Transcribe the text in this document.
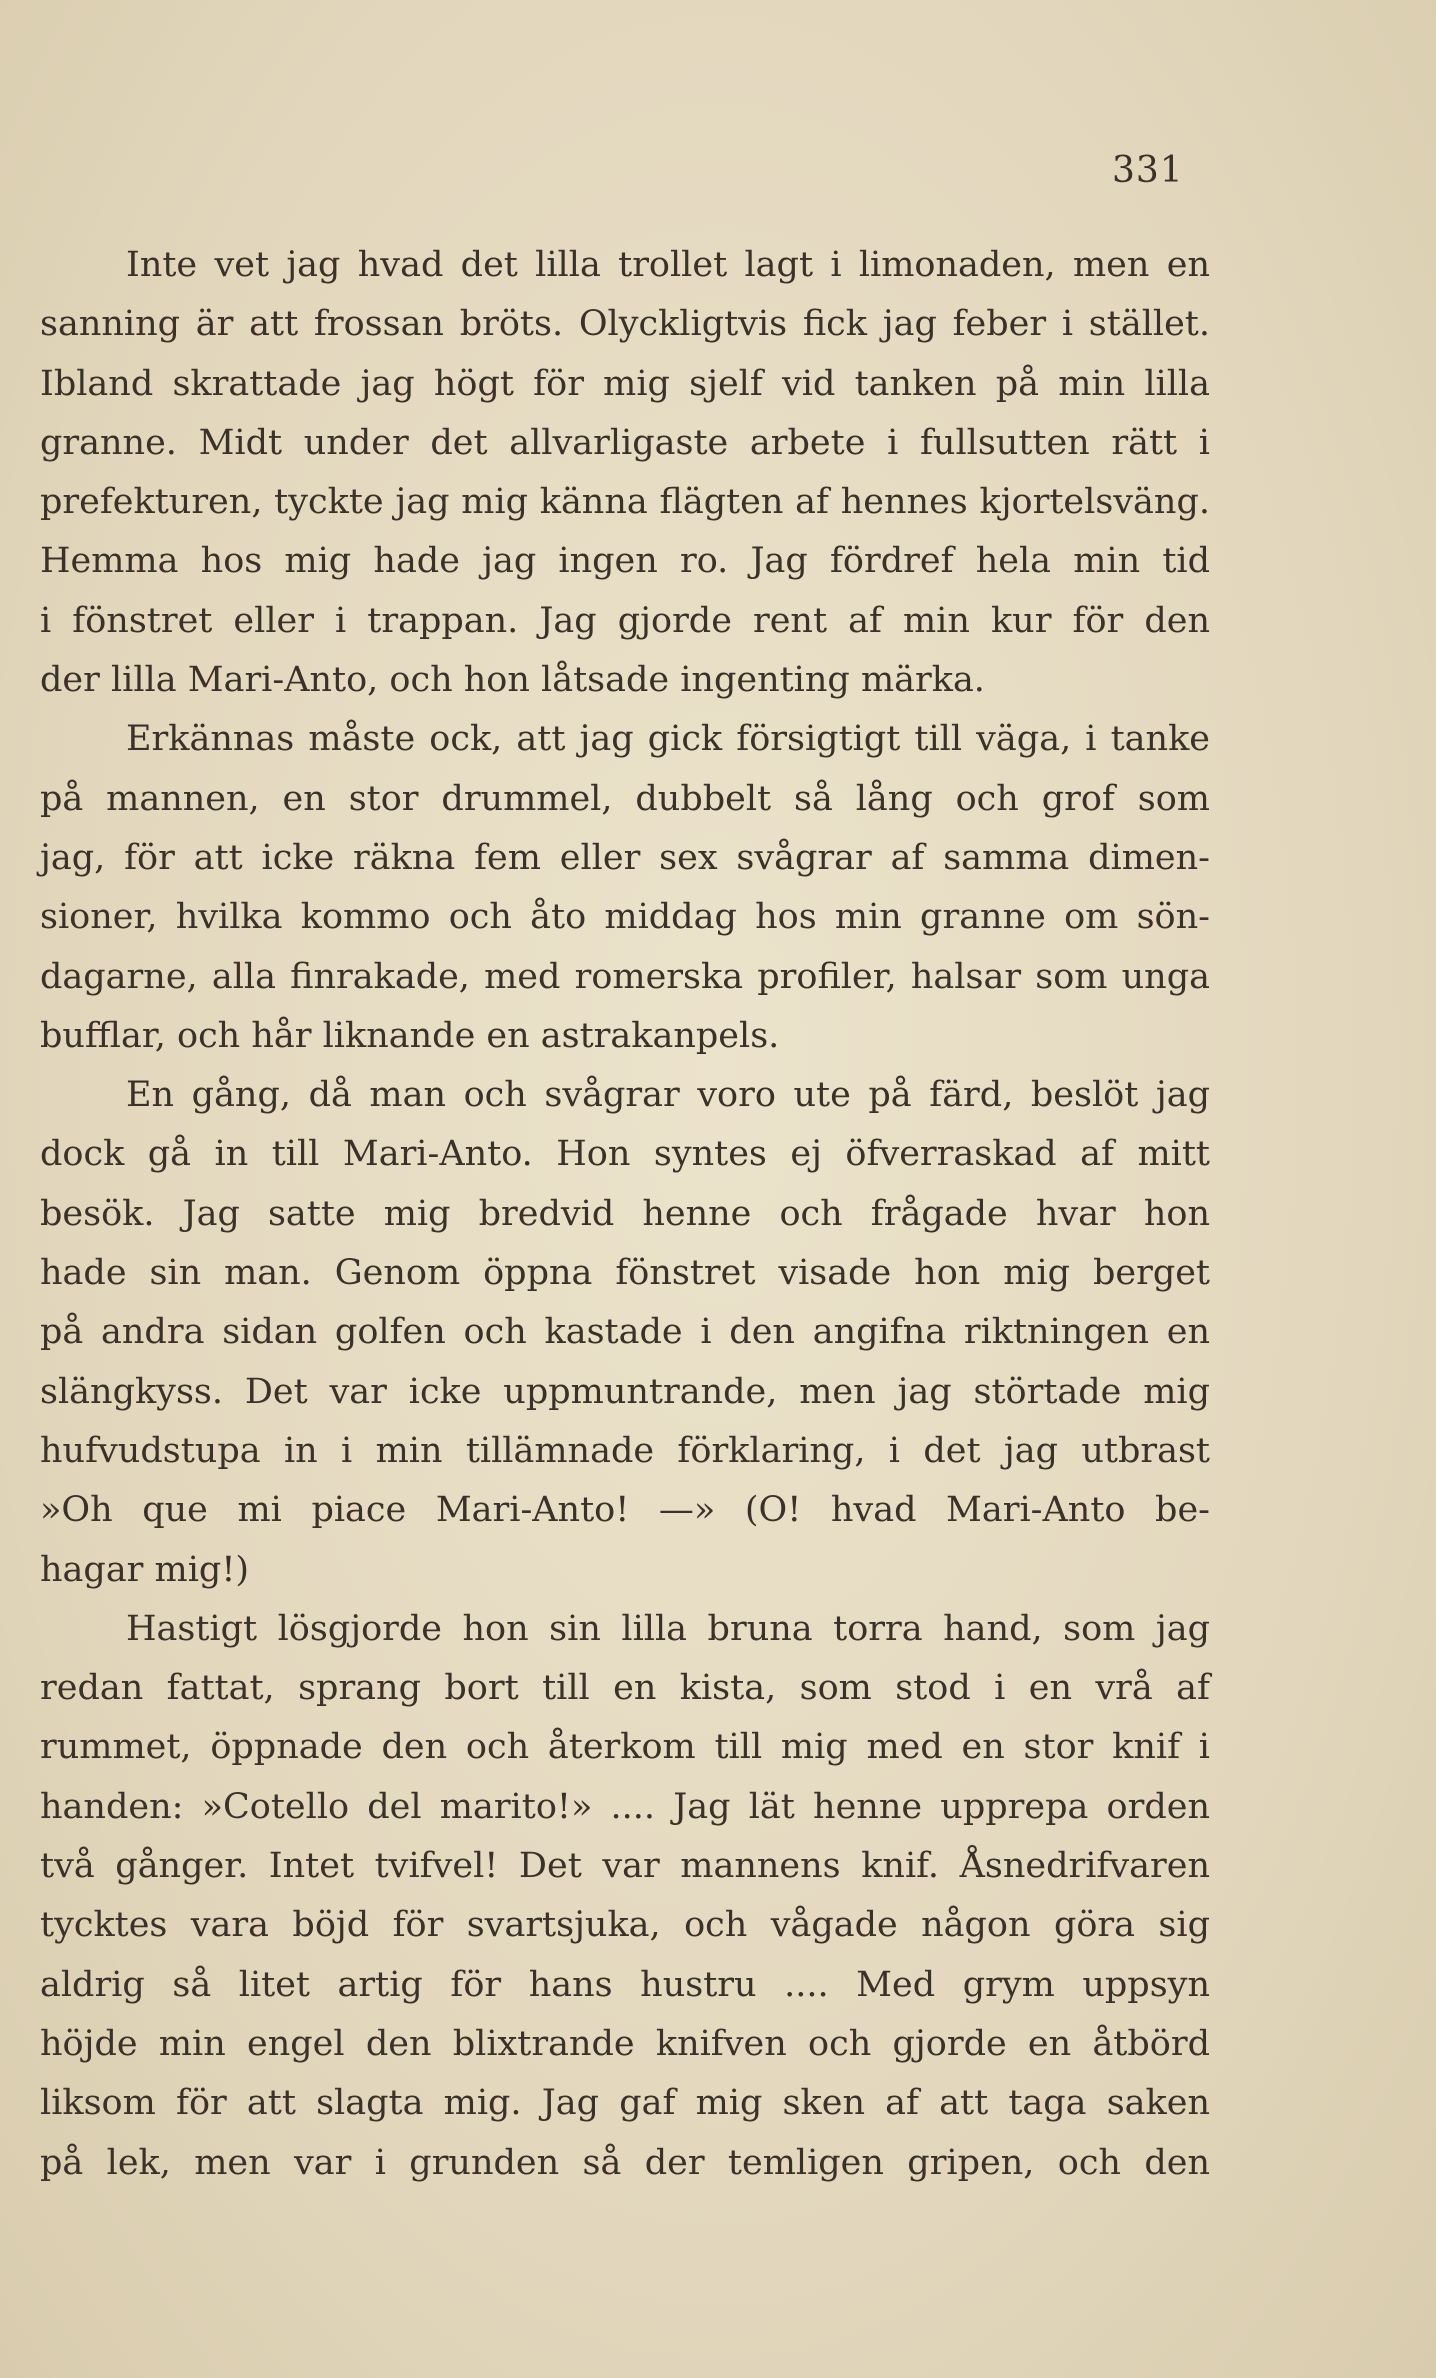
331
Inte vet jag hvad det lilla trollet lagt i limonaden, men en
sanning är att frossan bröts. Olyckligtvis fick jag feber i stället.
Ibland skrattade jag högt för mig sjelf vid tanken på min lilla
granne. Midt under det allvarligaste arbete i fullsutten rätt i
prefekturen, tyckte jag mig känna flägten af hennes kjortelsväng.
Hemma hos mig hade jag ingen ro. Jag fördref hela min tid
i fönstret eller i trappan. Jag gjorde rent af min kur för den
der lilla Mari-Anto, och hon låtsade ingenting märka.
Erkännas måste ock, att jag gick försigtigt till väga, i tanke
på mannen, en stor drummel, dubbelt så lång och grof som
jag, för att icke räkna fem eller sex svågrar af samma dimen-
sioner, hvilka kommo och åto middag hos min granne om sön-
dagarne, alla finrakade, med romerska profiler, halsar som unga
bufflar, och hår liknande en astrakanpels.
En gång, då man och svågrar voro ute på färd, beslöt jag
dock gå in till Mari-Anto. Hon syntes ej öfverraskad af mitt
besök. Jag satte mig bredvid henne och frågade hvar hon
hade sin man. Genom öppna fönstret visade hon mig berget
på andra sidan golfen och kastade i den angifna riktningen en
slängkyss. Det var icke uppmuntrande, men jag störtade mig
hufvudstupa in i min tillämnade förklaring, i det jag utbrast
»Oh que mi piace Mari-Anto! —» (O! hvad Mari-Anto be-
hagar mig!)
Hastigt lösgjorde hon sin lilla bruna torra hand, som jag
redan fattat, sprang bort till en kista, som stod i en vrå af
rummet, öppnade den och återkom till mig med en stor knif i
handen: »Cotello del marito!» .... Jag lät henne upprepa orden
två gånger. Intet tvifvel! Det var mannens knif. Åsnedrifvaren
tycktes vara böjd för svartsjuka, och vågade någon göra sig
aldrig så litet artig för hans hustru .... Med grym uppsyn
höjde min engel den blixtrande knifven och gjorde en åtbörd
liksom för att slagta mig. Jag gaf mig sken af att taga saken
på lek, men var i grunden så der temligen gripen, och den
